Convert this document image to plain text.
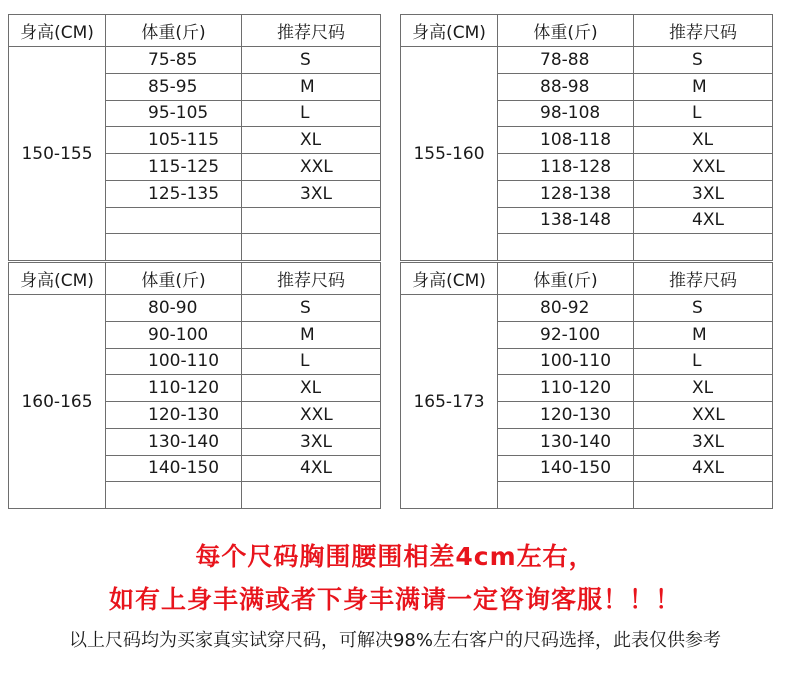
身高(CM)	体重(斤)	推荐尺码
150-155	75-85	S
	85-95	M
	95-105	L
	105-115	XL
	115-125	XXL
	125-135	3XL

身高(CM)	体重(斤)	推荐尺码
155-160	78-88	S
	88-98	M
	98-108	L
	108-118	XL
	118-128	XXL
	128-138	3XL
	138-148	4XL

身高(CM)	体重(斤)	推荐尺码
160-165	80-90	S
	90-100	M
	100-110	L
	110-120	XL
	120-130	XXL
	130-140	3XL
	140-150	4XL

身高(CM)	体重(斤)	推荐尺码
165-173	80-92	S
	92-100	M
	100-110	L
	110-120	XL
	120-130	XXL
	130-140	3XL
	140-150	4XL

每个尺码胸围腰围相差4cm左右，
如有上身丰满或者下身丰满请一定咨询客服！！！
以上尺码均为买家真实试穿尺码，可解决98%左右客户的尺码选择，此表仅供参考
